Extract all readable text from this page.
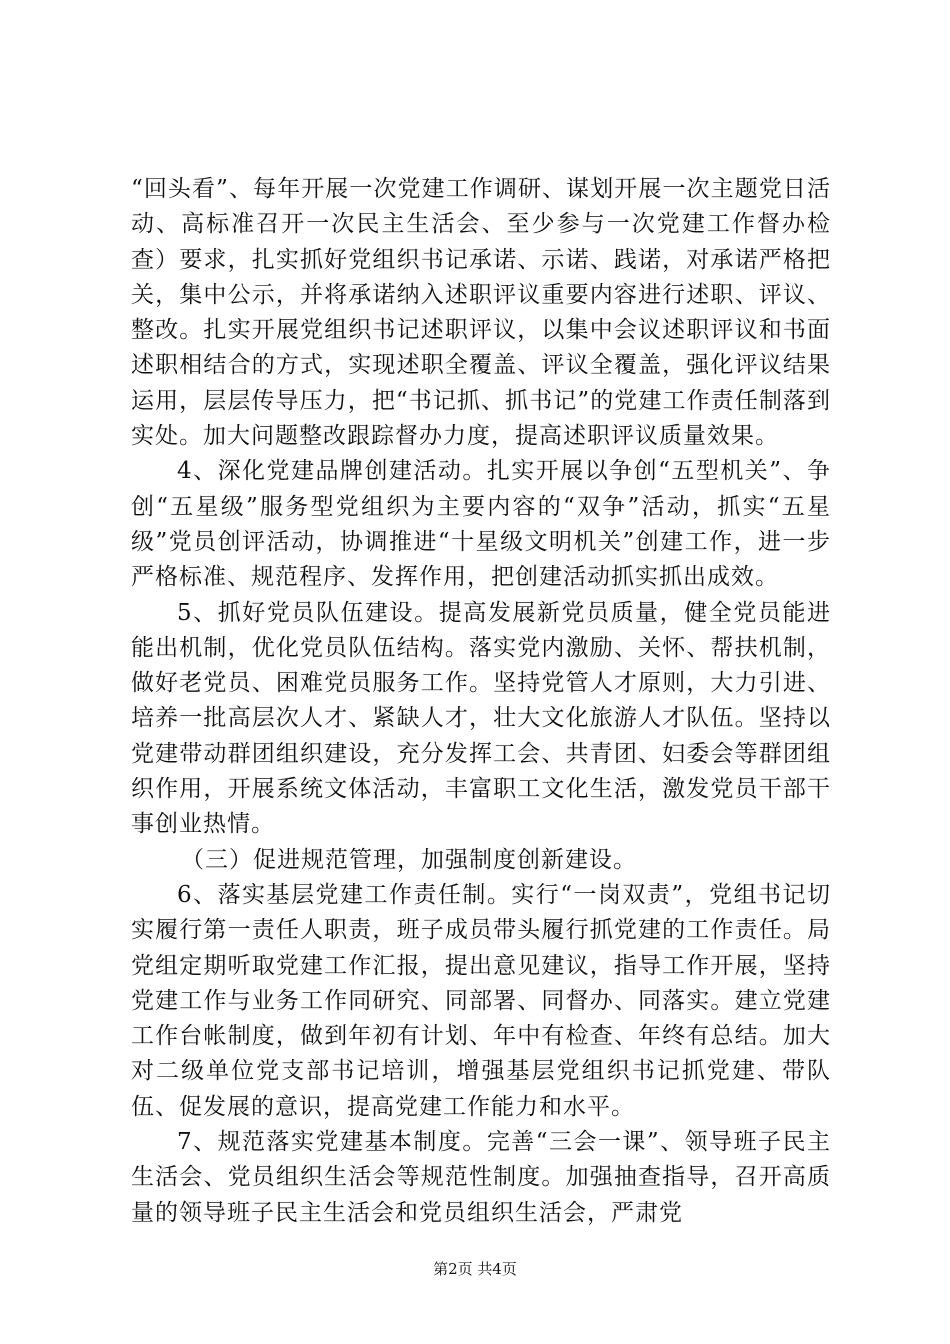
“回头看”、每年开展一次党建工作调研、谋划开展一次主题党日活动、高标准召开一次民主生活会、至少参与一次党建工作督办检查）要求，扎实抓好党组织书记承诺、示诺、践诺，对承诺严格把关，集中公示，并将承诺纳入述职评议重要内容进行述职、评议、整改。扎实开展党组织书记述职评议，以集中会议述职评议和书面述职相结合的方式，实现述职全覆盖、评议全覆盖，强化评议结果运用，层层传导压力，把“书记抓、抓书记”的党建工作责任制落到实处。加大问题整改跟踪督办力度，提高述职评议质量效果。

4、深化党建品牌创建活动。扎实开展以争创“五型机关”、争创“五星级”服务型党组织为主要内容的“双争”活动，抓实“五星级”党员创评活动，协调推进“十星级文明机关”创建工作，进一步严格标准、规范程序、发挥作用，把创建活动抓实抓出成效。

5、抓好党员队伍建设。提高发展新党员质量，健全党员能进能出机制，优化党员队伍结构。落实党内激励、关怀、帮扶机制，做好老党员、困难党员服务工作。坚持党管人才原则，大力引进、培养一批高层次人才、紧缺人才，壮大文化旅游人才队伍。坚持以党建带动群团组织建设，充分发挥工会、共青团、妇委会等群团组织作用，开展系统文体活动，丰富职工文化生活，激发党员干部干事创业热情。

（三）促进规范管理，加强制度创新建设。

6、落实基层党建工作责任制。实行“一岗双责”，党组书记切实履行第一责任人职责，班子成员带头履行抓党建的工作责任。局党组定期听取党建工作汇报，提出意见建议，指导工作开展，坚持党建工作与业务工作同研究、同部署、同督办、同落实。建立党建工作台帐制度，做到年初有计划、年中有检查、年终有总结。加大对二级单位党支部书记培训，增强基层党组织书记抓党建、带队伍、促发展的意识，提高党建工作能力和水平。

7、规范落实党建基本制度。完善“三会一课”、领导班子民主生活会、党员组织生活会等规范性制度。加强抽查指导，召开高质量的领导班子民主生活会和党员组织生活会，严肃党

第2页 共4页
